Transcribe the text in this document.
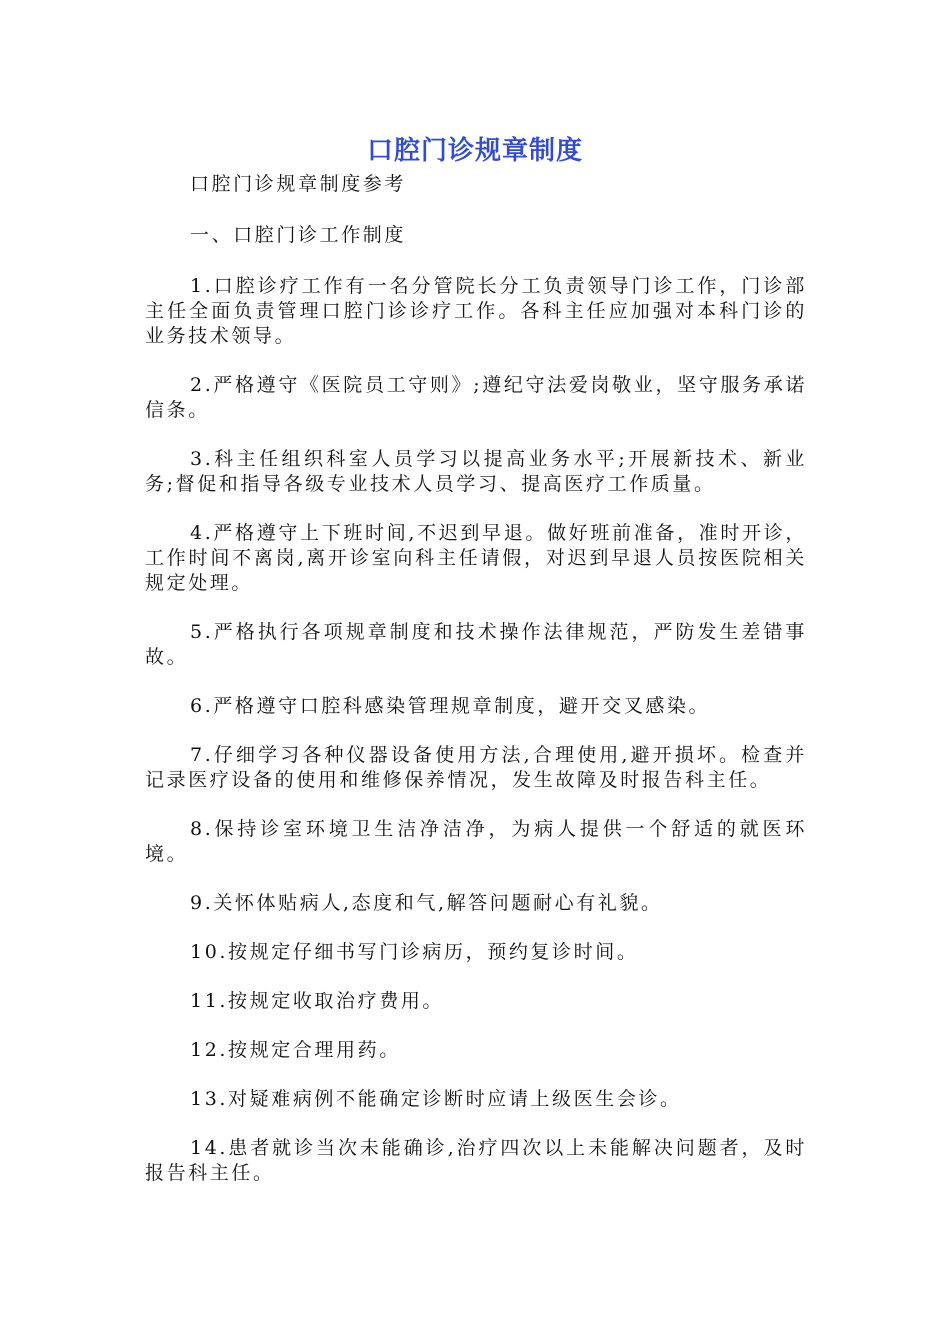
口腔门诊规章制度

口腔门诊规章制度参考

一、口腔门诊工作制度

1.口腔诊疗工作有一名分管院长分工负责领导门诊工作，门诊部主任全面负责管理口腔门诊诊疗工作。各科主任应加强对本科门诊的业务技术领导。

2.严格遵守《医院员工守则》;遵纪守法爱岗敬业，坚守服务承诺信条。

3.科主任组织科室人员学习以提高业务水平;开展新技术、新业务;督促和指导各级专业技术人员学习、提高医疗工作质量。

4.严格遵守上下班时间,不迟到早退。做好班前准备，准时开诊，工作时间不离岗,离开诊室向科主任请假，对迟到早退人员按医院相关规定处理。

5.严格执行各项规章制度和技术操作法律规范，严防发生差错事故。

6.严格遵守口腔科感染管理规章制度，避开交叉感染。

7.仔细学习各种仪器设备使用方法,合理使用,避开损坏。检查并记录医疗设备的使用和维修保养情况，发生故障及时报告科主任。

8.保持诊室环境卫生洁净洁净，为病人提供一个舒适的就医环境。

9.关怀体贴病人,态度和气,解答问题耐心有礼貌。

10.按规定仔细书写门诊病历，预约复诊时间。

11.按规定收取治疗费用。

12.按规定合理用药。

13.对疑难病例不能确定诊断时应请上级医生会诊。

14.患者就诊当次未能确诊,治疗四次以上未能解决问题者，及时报告科主任。
